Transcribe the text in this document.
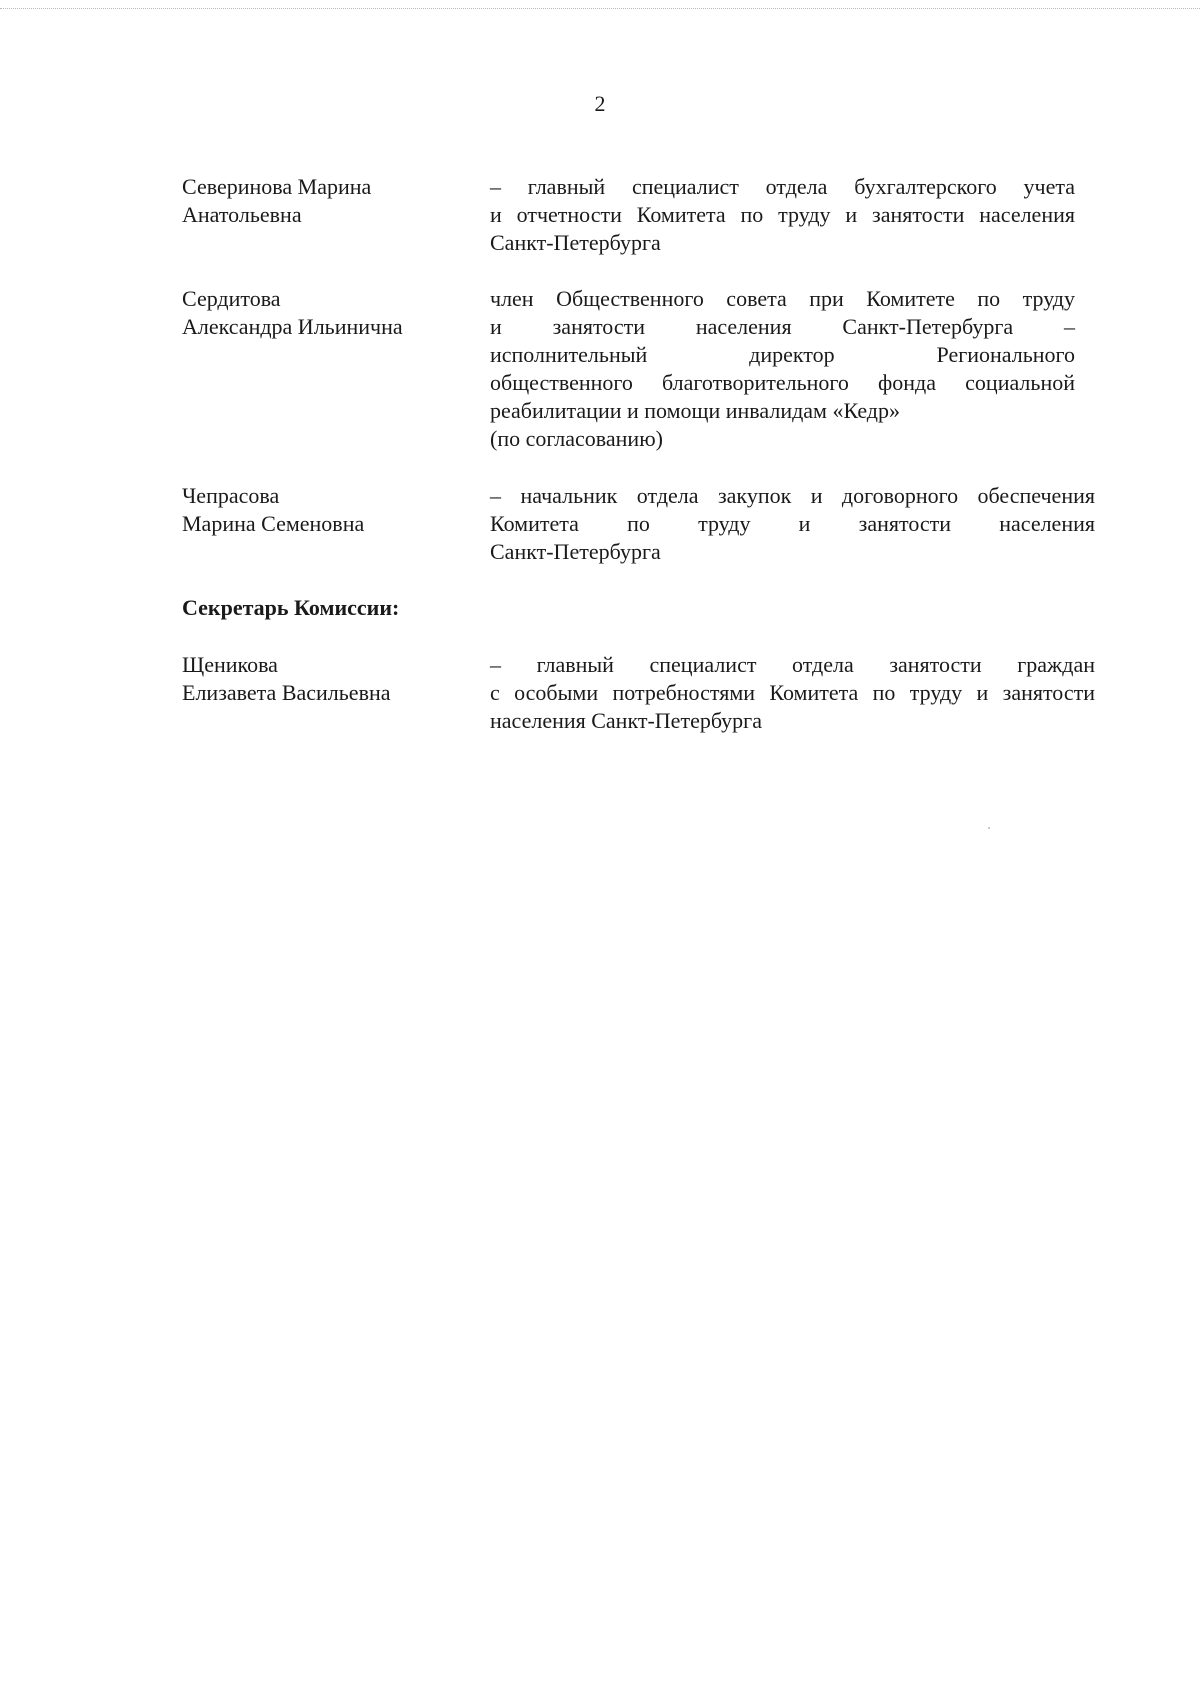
2
Северинова Марина
Анатольевна
– главный специалист отдела бухгалтерского учета
и отчетности Комитета по труду и занятости населения
Санкт-Петербурга
Сердитова
Александра Ильинична
член Общественного совета при Комитете по труду
и занятости населения Санкт-Петербурга –
исполнительный директор Регионального
общественного благотворительного фонда социальной
реабилитации и помощи инвалидам «Кедр»
(по согласованию)
Чепрасова
Марина Семеновна
– начальник отдела закупок и договорного обеспечения
Комитета по труду и занятости населения
Санкт-Петербурга
Секретарь Комиссии:
Щеникова
Елизавета Васильевна
– главный специалист отдела занятости граждан
с особыми потребностями Комитета по труду и занятости
населения Санкт-Петербурга
